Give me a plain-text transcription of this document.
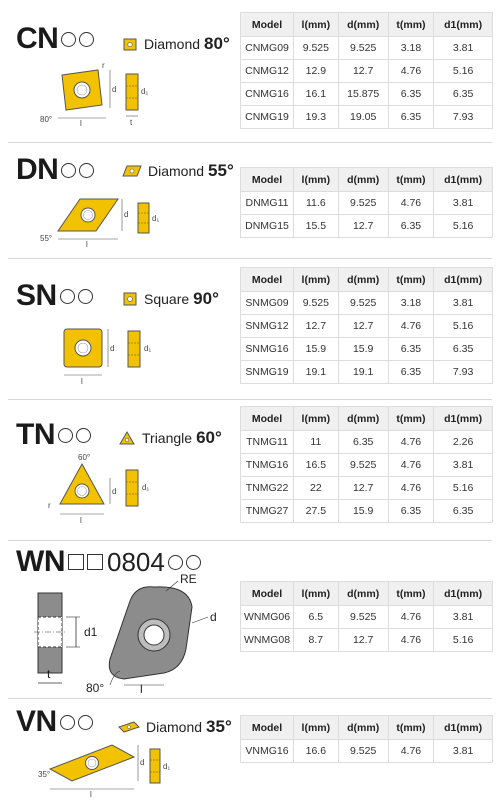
CN	Diamond 80°
l
d
80°
r
d₁
t
Model	l(mm)	d(mm)	t(mm)	d1(mm)
CNMG09	9.525	9.525	3.18	3.81
CNMG12	12.9	12.7	4.76	5.16
CNMG16	16.1	15.875	6.35	6.35
CNMG19	19.3	19.05	6.35	7.93
DN	Diamond 55°
l
d
55°
d₁
Model	l(mm)	d(mm)	t(mm)	d1(mm)
DNMG11	11.6	9.525	4.76	3.81
DNMG15	15.5	12.7	6.35	5.16
SN	Square 90°
l
d	d₁
Model	l(mm)	d(mm)	t(mm)	d1(mm)
SNMG09	9.525	9.525	3.18	3.81
SNMG12	12.7	12.7	4.76	5.16
SNMG16	15.9	15.9	6.35	6.35
SNMG19	19.1	19.1	6.35	7.93
TN	Triangle 60°
60°
l
d
r
d₁
Model	l(mm)	d(mm)	t(mm)	d1(mm)
TNMG11	11	6.35	4.76	2.26
TNMG16	16.5	9.525	4.76	3.81
TNMG22	22	12.7	4.76	5.16
TNMG27	27.5	15.9	6.35	6.35
WN 0804
d1
t
RE
d
l
80°
Model	l(mm)	d(mm)	t(mm)	d1(mm)
WNMG06	6.5	9.525	4.76	3.81
WNMG08	8.7	12.7	4.76	5.16
VN	Diamond 35°
l
d
35°
d₁
Model	l(mm)	d(mm)	t(mm)	d1(mm)
VNMG16	16.6	9.525	4.76	3.81
